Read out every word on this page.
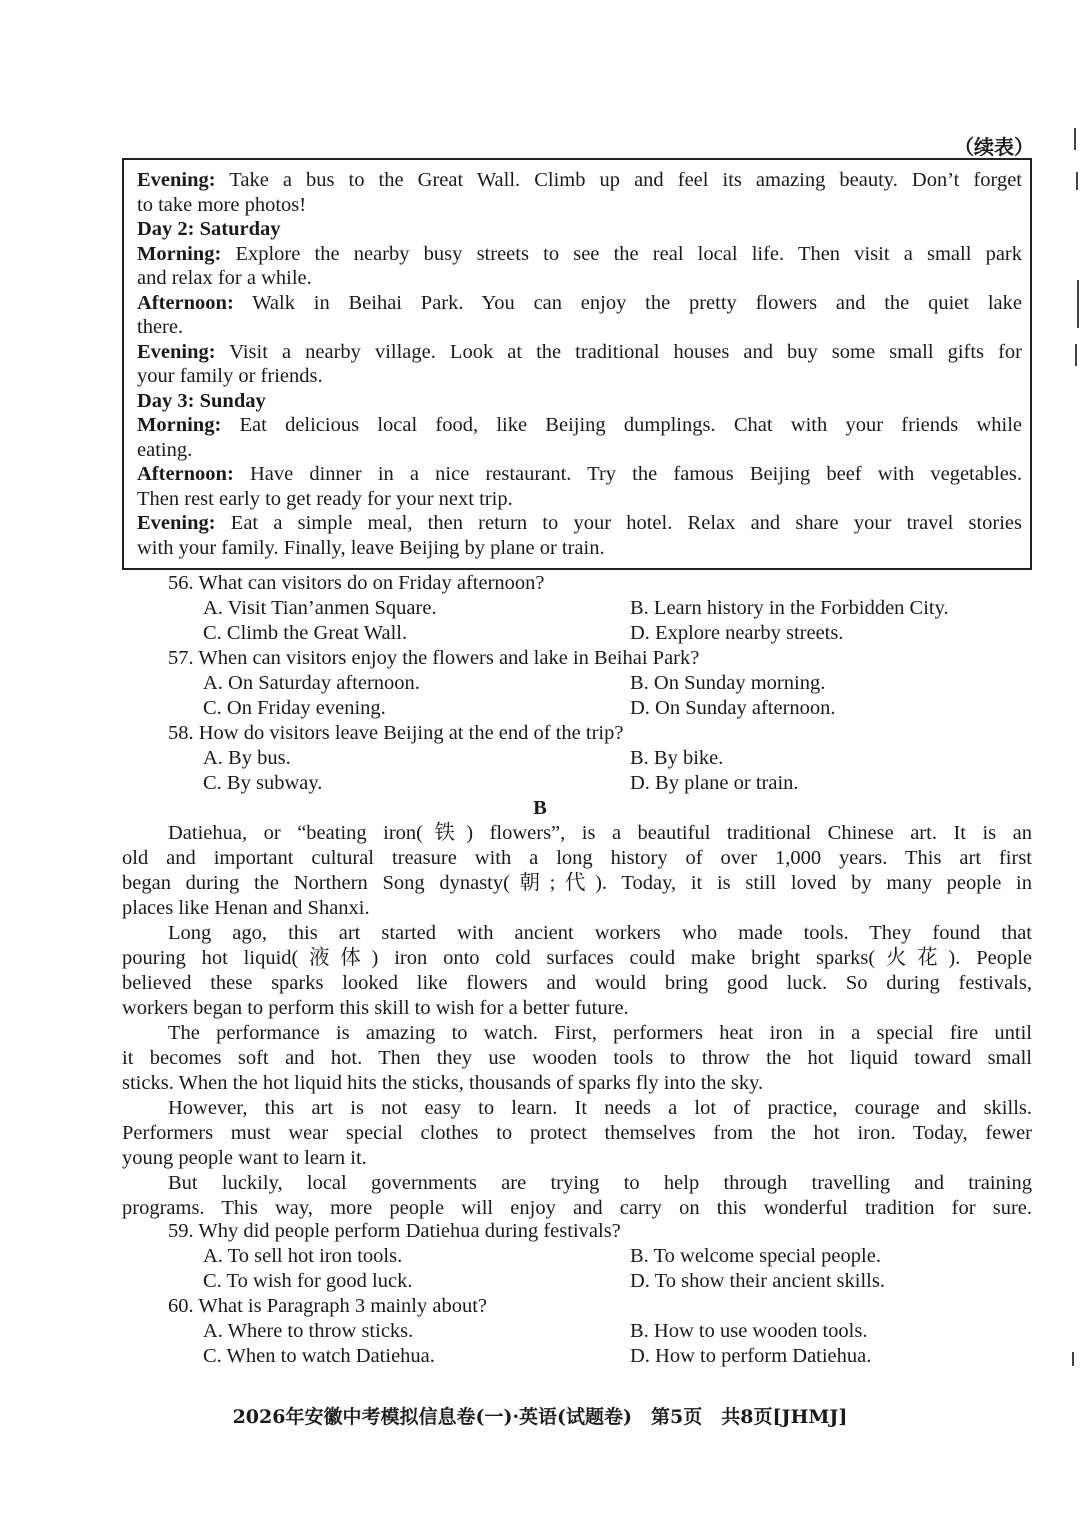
（续表）
Evening: Take a bus to the Great Wall. Climb up and feel its amazing beauty. Don’t forget
to take more photos!
Day 2: Saturday
Morning: Explore the nearby busy streets to see the real local life. Then visit a small park
and relax for a while.
Afternoon: Walk in Beihai Park. You can enjoy the pretty flowers and the quiet lake
there.
Evening: Visit a nearby village. Look at the traditional houses and buy some small gifts for
your family or friends.
Day 3: Sunday
Morning: Eat delicious local food, like Beijing dumplings. Chat with your friends while
eating.
Afternoon: Have dinner in a nice restaurant. Try the famous Beijing beef with vegetables.
Then rest early to get ready for your next trip.
Evening: Eat a simple meal, then return to your hotel. Relax and share your travel stories
with your family. Finally, leave Beijing by plane or train.
56. What can visitors do on Friday afternoon?
A. Visit Tian’anmen Square.	B. Learn history in the Forbidden City.
C. Climb the Great Wall.	D. Explore nearby streets.
57. When can visitors enjoy the flowers and lake in Beihai Park?
A. On Saturday afternoon.	B. On Sunday morning.
C. On Friday evening.	D. On Sunday afternoon.
58. How do visitors leave Beijing at the end of the trip?
A. By bus.	B. By bike.
C. By subway.	D. By plane or train.
B
Datiehua, or “beating iron(铁) flowers”, is a beautiful traditional Chinese art. It is an
old and important cultural treasure with a long history of over 1,000 years. This art first
began during the Northern Song dynasty(朝;代). Today, it is still loved by many people in
places like Henan and Shanxi.
Long ago, this art started with ancient workers who made tools. They found that
pouring hot liquid(液体) iron onto cold surfaces could make bright sparks(火花). People
believed these sparks looked like flowers and would bring good luck. So during festivals,
workers began to perform this skill to wish for a better future.
The performance is amazing to watch. First, performers heat iron in a special fire until
it becomes soft and hot. Then they use wooden tools to throw the hot liquid toward small
sticks. When the hot liquid hits the sticks, thousands of sparks fly into the sky.
However, this art is not easy to learn. It needs a lot of practice, courage and skills.
Performers must wear special clothes to protect themselves from the hot iron. Today, fewer
young people want to learn it.
But luckily, local governments are trying to help through travelling and training
programs. This way, more people will enjoy and carry on this wonderful tradition for sure.
59. Why did people perform Datiehua during festivals?
A. To sell hot iron tools.	B. To welcome special people.
C. To wish for good luck.	D. To show their ancient skills.
60. What is Paragraph 3 mainly about?
A. Where to throw sticks.	B. How to use wooden tools.
C. When to watch Datiehua.	D. How to perform Datiehua.
2026年安徽中考模拟信息卷(一)·英语(试题卷)　第5页　共8页[JHMJ]
